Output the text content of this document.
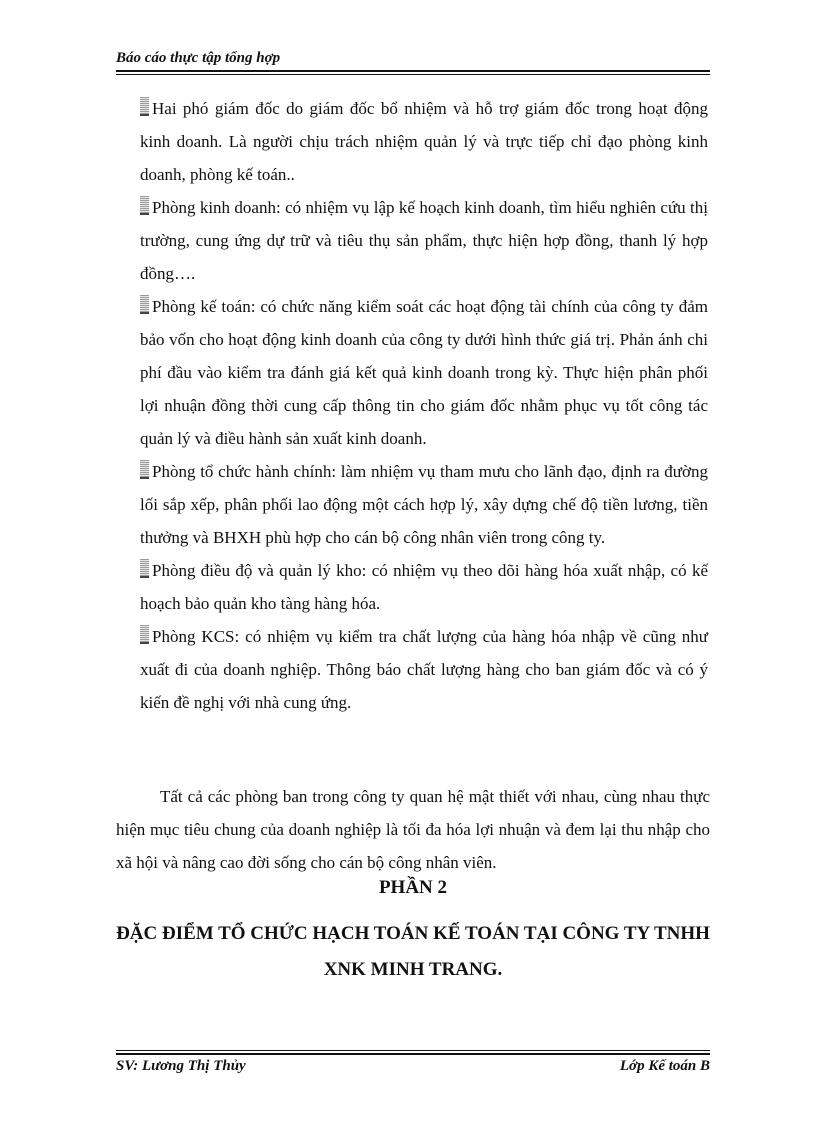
Báo cáo thực tập tổng hợp

Hai phó giám đốc do giám đốc bổ nhiệm và hỗ trợ giám đốc trong hoạt động kinh doanh. Là người chịu trách nhiệm quản lý và trực tiếp chỉ đạo phòng kinh doanh, phòng kế toán..

Phòng kinh doanh: có nhiệm vụ lập kế hoạch kinh doanh, tìm hiểu nghiên cứu thị trường, cung ứng dự trữ và tiêu thụ sản phẩm, thực hiện hợp đồng, thanh lý hợp đồng….

Phòng kế toán: có chức năng kiểm soát các hoạt động tài chính của công ty đảm bảo vốn cho hoạt động kinh doanh của công ty dưới hình thức giá trị. Phản ánh chi phí đầu vào kiểm tra đánh giá kết quả kinh doanh trong kỳ. Thực hiện phân phối lợi nhuận đồng thời cung cấp thông tin cho giám đốc nhằm phục vụ tốt công tác quản lý và điều hành sản xuất kinh doanh.

Phòng tổ chức hành chính: làm nhiệm vụ tham mưu cho lãnh đạo, định ra đường lối sắp xếp, phân phối lao động một cách hợp lý, xây dựng chế độ tiền lương, tiền thưởng và BHXH phù hợp cho cán bộ công nhân viên trong công ty.

Phòng điều độ và quản lý kho: có nhiệm vụ theo dõi hàng hóa xuất nhập, có kế hoạch bảo quản kho tàng hàng hóa.

Phòng KCS: có nhiệm vụ kiểm tra chất lượng của hàng hóa nhập về cũng như xuất đi của doanh nghiệp. Thông báo chất lượng hàng cho ban giám đốc và có ý kiến đề nghị với nhà cung ứng.

Tất cả các phòng ban trong công ty quan hệ mật thiết với nhau, cùng nhau thực hiện mục tiêu chung của doanh nghiệp là tối đa hóa lợi nhuận và đem lại thu nhập cho xã hội và nâng cao đời sống cho cán bộ công nhân viên.

PHẦN 2

ĐẶC ĐIỂM TỔ CHỨC HẠCH TOÁN KẾ TOÁN TẠI CÔNG TY TNHH XNK MINH TRANG.

SV: Lương Thị Thủy	Lớp Kế toán B
